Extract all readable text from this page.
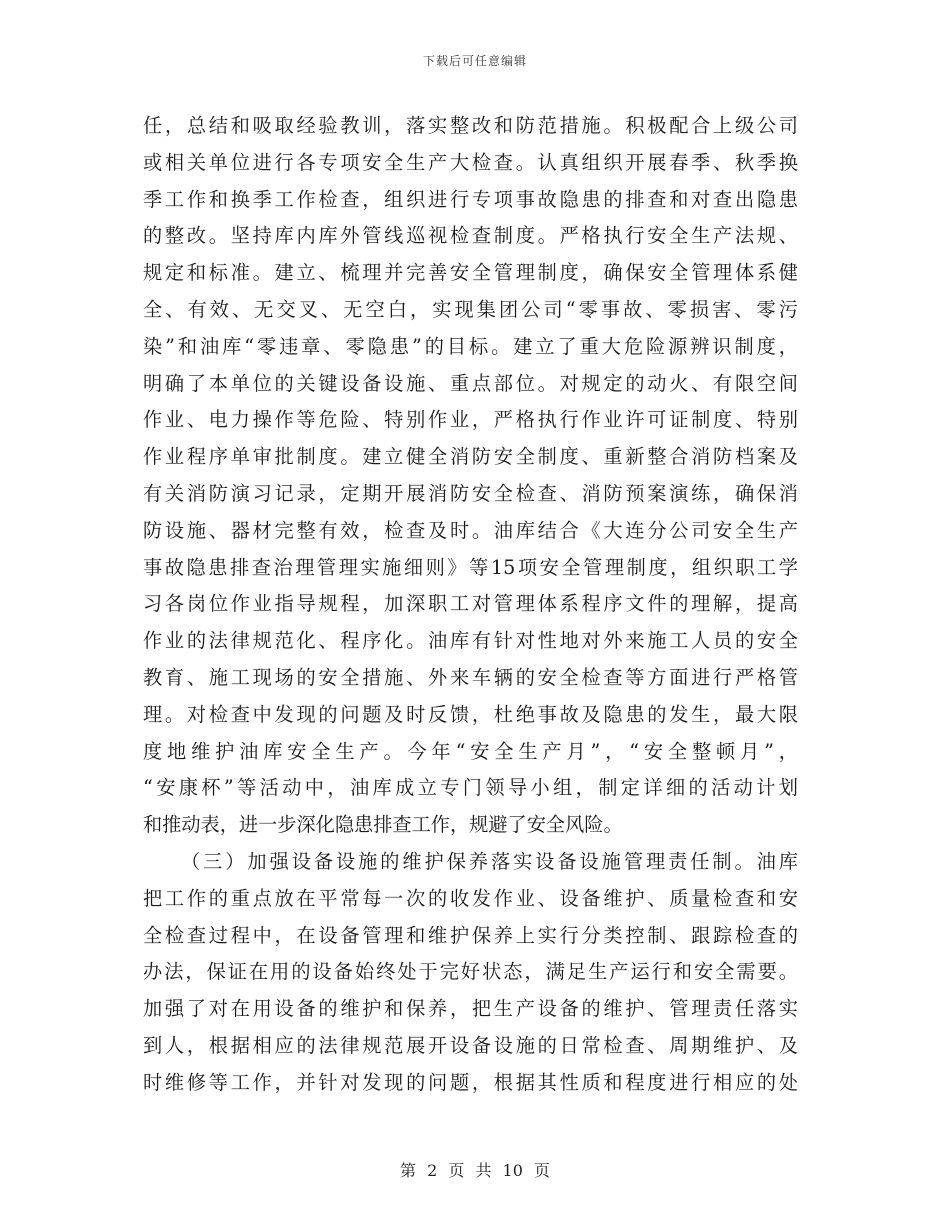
下载后可任意编辑
任，总结和吸取经验教训，落实整改和防范措施。积极配合上级公司
或相关单位进行各专项安全生产大检查。认真组织开展春季、秋季换
季工作和换季工作检查，组织进行专项事故隐患的排查和对查出隐患
的整改。坚持库内库外管线巡视检查制度。严格执行安全生产法规、
规定和标准。建立、梳理并完善安全管理制度，确保安全管理体系健
全、有效、无交叉、无空白，实现集团公司“零事故、零损害、零污
染”和油库“零违章、零隐患”的目标。建立了重大危险源辨识制度，
明确了本单位的关键设备设施、重点部位。对规定的动火、有限空间
作业、电力操作等危险、特别作业，严格执行作业许可证制度、特别
作业程序单审批制度。建立健全消防安全制度、重新整合消防档案及
有关消防演习记录，定期开展消防安全检查、消防预案演练，确保消
防设施、器材完整有效，检查及时。油库结合《大连分公司安全生产
事故隐患排查治理管理实施细则》等15项安全管理制度，组织职工学
习各岗位作业指导规程，加深职工对管理体系程序文件的理解，提高
作业的法律规范化、程序化。油库有针对性地对外来施工人员的安全
教育、施工现场的安全措施、外来车辆的安全检查等方面进行严格管
理。对检查中发现的问题及时反馈，杜绝事故及隐患的发生，最大限
度地维护油库安全生产。今年“安全生产月”，“安全整顿月”，
“安康杯”等活动中，油库成立专门领导小组，制定详细的活动计划
和推动表，进一步深化隐患排查工作，规避了安全风险。
（三）加强设备设施的维护保养落实设备设施管理责任制。油库
把工作的重点放在平常每一次的收发作业、设备维护、质量检查和安
全检查过程中，在设备管理和维护保养上实行分类控制、跟踪检查的
办法，保证在用的设备始终处于完好状态，满足生产运行和安全需要。
加强了对在用设备的维护和保养，把生产设备的维护、管理责任落实
到人，根据相应的法律规范展开设备设施的日常检查、周期维护、及
时维修等工作，并针对发现的问题，根据其性质和程度进行相应的处
第 2 页 共 10 页
